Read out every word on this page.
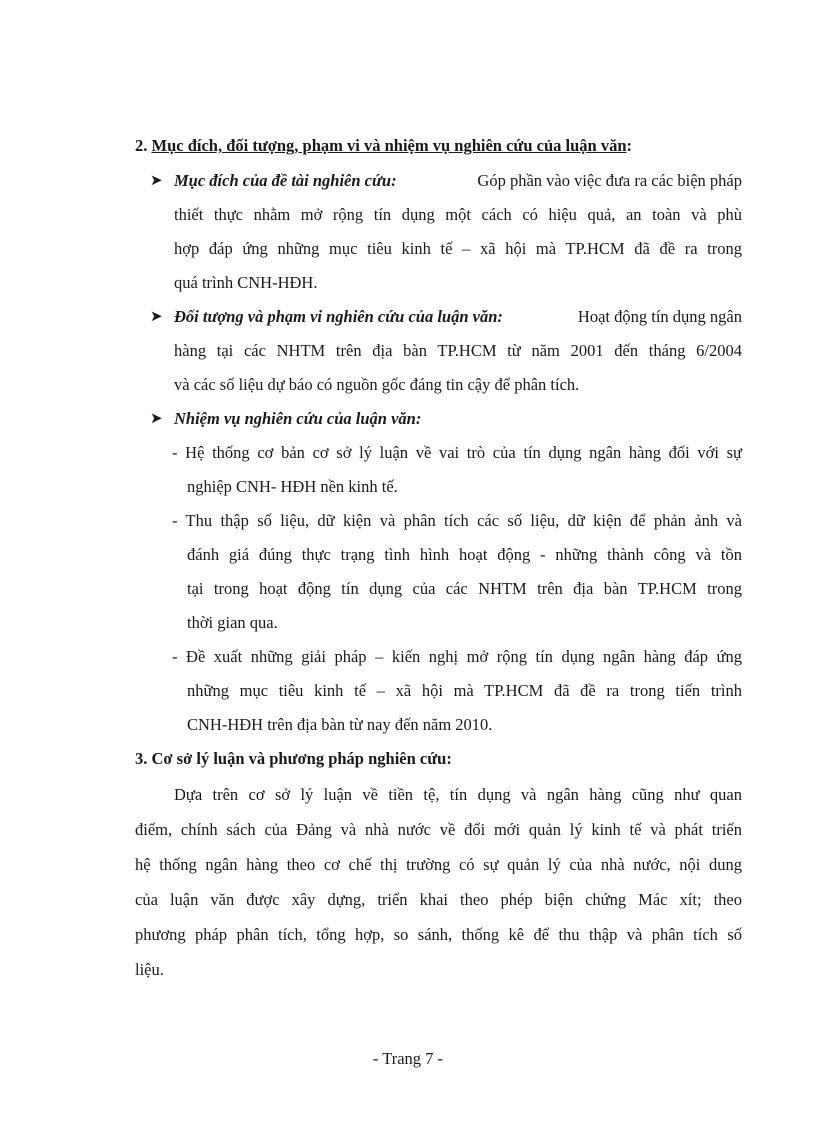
2. Mục đích, đối tượng, phạm vi và nhiệm vụ nghiên cứu của luận văn:
➤ Mục đích của đề tài nghiên cứu:	Góp phần vào việc đưa ra các biện pháp
thiết thực nhằm mở rộng tín dụng một cách có hiệu quả, an toàn và phù
hợp đáp ứng những mục tiêu kinh tế – xã hội mà TP.HCM đã đề ra trong
quá trình CNH-HĐH.
➤ Đối tượng và phạm vi nghiên cứu của luận văn:	Hoạt động tín dụng ngân
hàng tại các NHTM trên địa bàn TP.HCM từ năm 2001 đến tháng 6/2004
và các số liệu dự báo có nguồn gốc đáng tin cậy để phân tích.
➤ Nhiệm vụ nghiên cứu của luận văn:
- Hệ thống cơ bản cơ sở lý luận về vai trò của tín dụng ngân hàng đối với sự
nghiệp CNH- HĐH nền kinh tế.
- Thu thập số liệu, dữ kiện và phân tích các số liệu, dữ kiện để phản ảnh và
đánh giá đúng thực trạng tình hình hoạt động - những thành công và tồn
tại trong hoạt động tín dụng của các NHTM trên địa bàn TP.HCM trong
thời gian qua.
- Đề xuất những giải pháp – kiến nghị mở rộng tín dụng ngân hàng đáp ứng
những mục tiêu kinh tế – xã hội mà TP.HCM đã đề ra trong tiến trình
CNH-HĐH trên địa bàn từ nay đến năm 2010.
3. Cơ sở lý luận và phương pháp nghiên cứu:
Dựa trên cơ sở lý luận về tiền tệ, tín dụng và ngân hàng cũng như quan
điểm, chính sách của Đảng và nhà nước về đổi mới quản lý kinh tế và phát triển
hệ thống ngân hàng theo cơ chế thị trường có sự quản lý của nhà nước, nội dung
của luận văn được xây dựng, triển khai theo phép biện chứng Mác xít; theo
phương pháp phân tích, tổng hợp, so sánh, thống kê để thu thập và phân tích số
liệu.
- Trang 7 -
